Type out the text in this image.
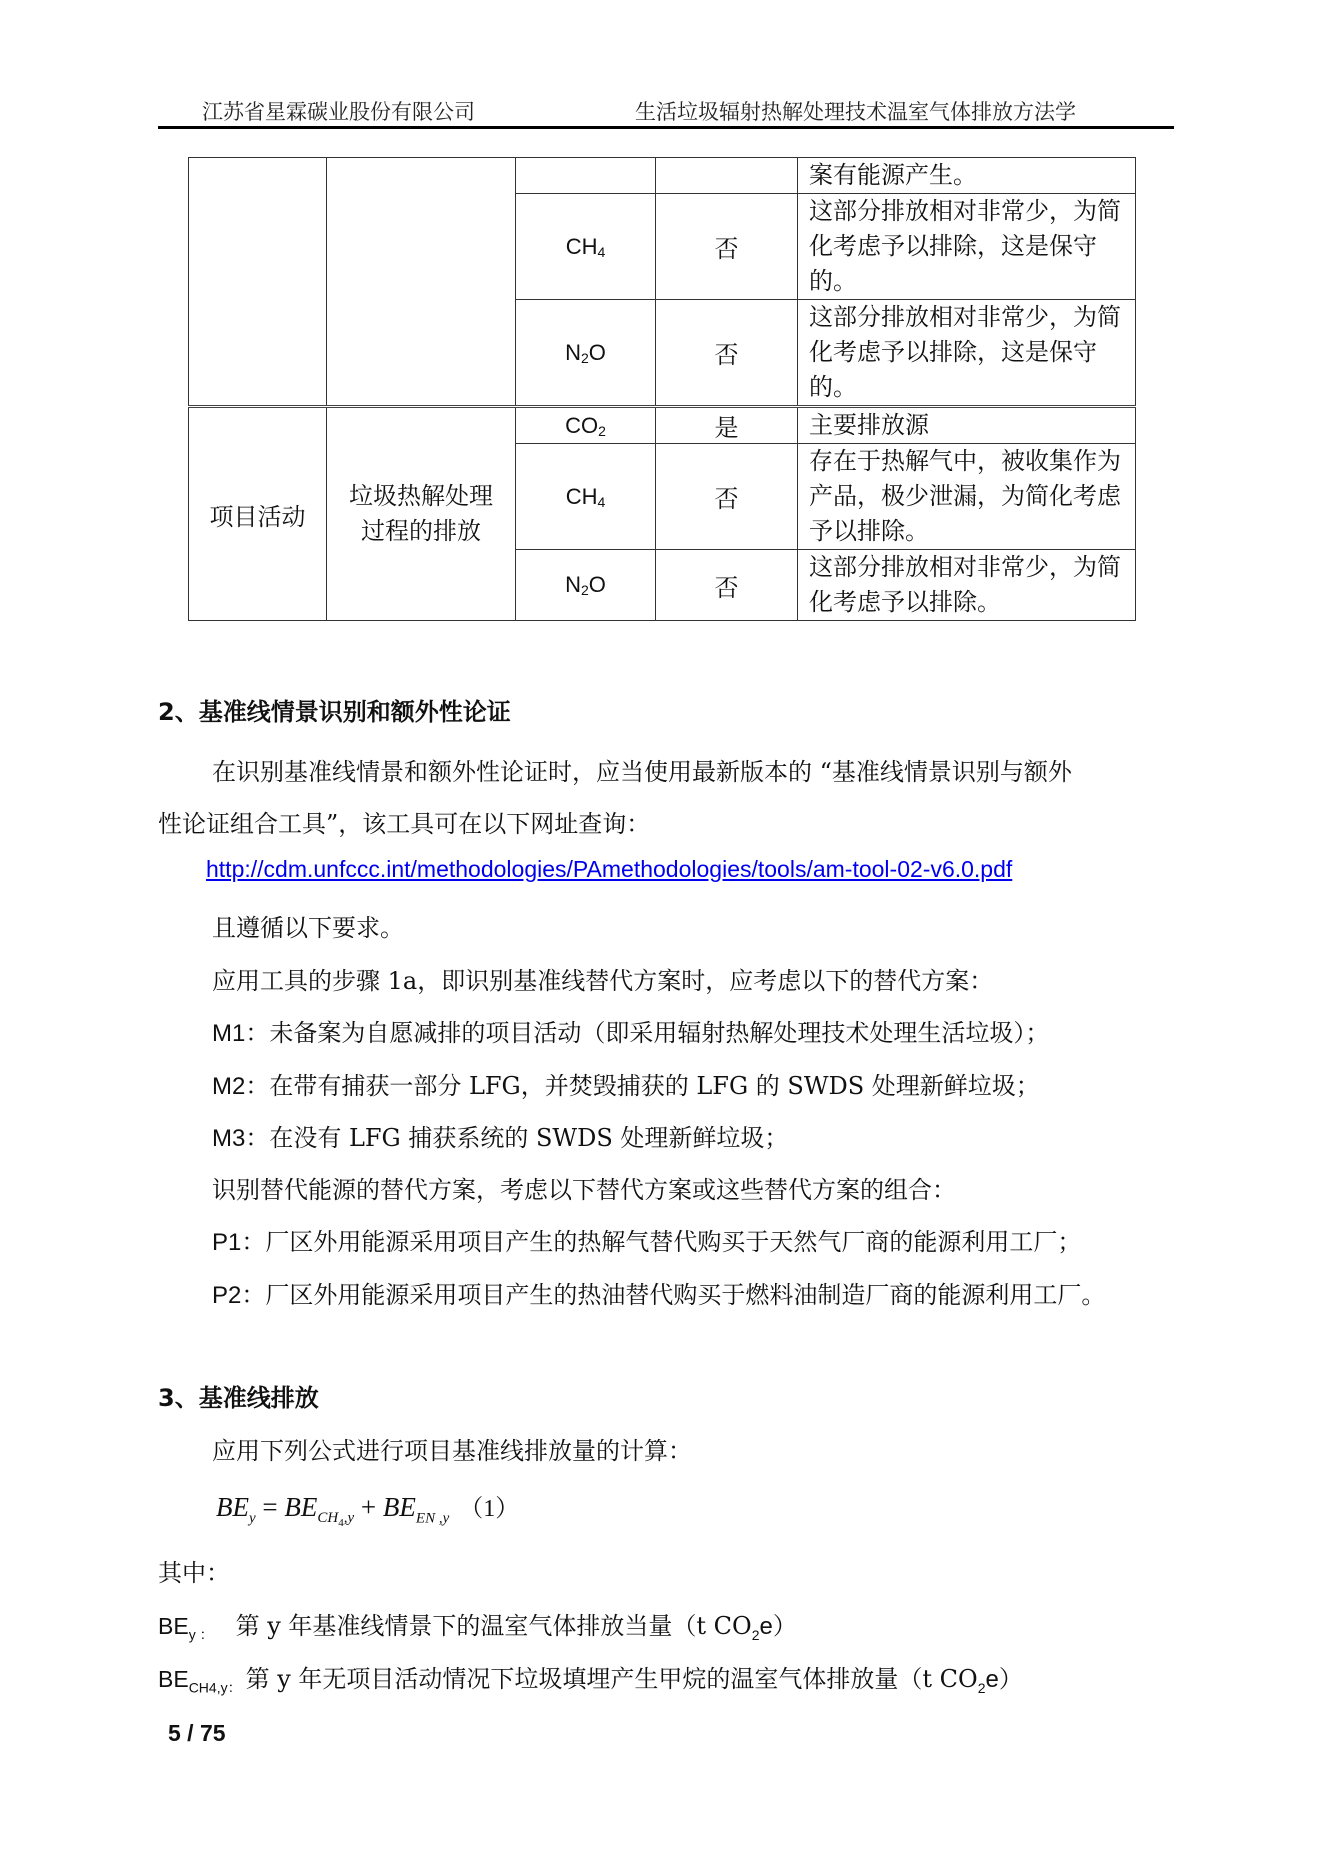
江苏省星霖碳业股份有限公司	生活垃圾辐射热解处理技术温室气体排放方法学
				案有能源产生。
		$CH_4$	否	这部分排放相对非常少，为简化考虑予以排除，这是保守的。
		$N_2O$	否	这部分排放相对非常少，为简化考虑予以排除，这是保守的。
项目活动	垃圾热解处理过程的排放	$CO_2$	是	主要排放源
		$CH_4$	否	存在于热解气中，被收集作为产品，极少泄漏，为简化考虑予以排除。
		$N_2O$	否	这部分排放相对非常少，为简化考虑予以排除。
2、基准线情景识别和额外性论证
在识别基准线情景和额外性论证时，应当使用最新版本的 “基准线情景识别与额外
性论证组合工具”，该工具可在以下网址查询：
http://cdm.unfccc.int/methodologies/PAmethodologies/tools/am-tool-02-v6.0.pdf
且遵循以下要求。
应用工具的步骤 1a，即识别基准线替代方案时，应考虑以下的替代方案：
M1：未备案为自愿减排的项目活动（即采用辐射热解处理技术处理生活垃圾）；
M2：在带有捕获一部分 LFG，并焚毁捕获的 LFG 的 SWDS 处理新鲜垃圾；
M3：在没有 LFG 捕获系统的 SWDS 处理新鲜垃圾；
识别替代能源的替代方案，考虑以下替代方案或这些替代方案的组合：
P1：厂区外用能源采用项目产生的热解气替代购买于天然气厂商的能源利用工厂；
P2：厂区外用能源采用项目产生的热油替代购买于燃料油制造厂商的能源利用工厂。
3、基准线排放
应用下列公式进行项目基准线排放量的计算：
$BE_y = BE_{CH_4,y} + BE_{EN ,y}$ （1）
其中：
$BE_{y :}$ 第 y 年基准线情景下的温室气体排放当量（t $CO_2e$）
$BE_{CH4,y:}$ 第 y 年无项目活动情况下垃圾填埋产生甲烷的温室气体排放量（t $CO_2e$）
5 / 75
